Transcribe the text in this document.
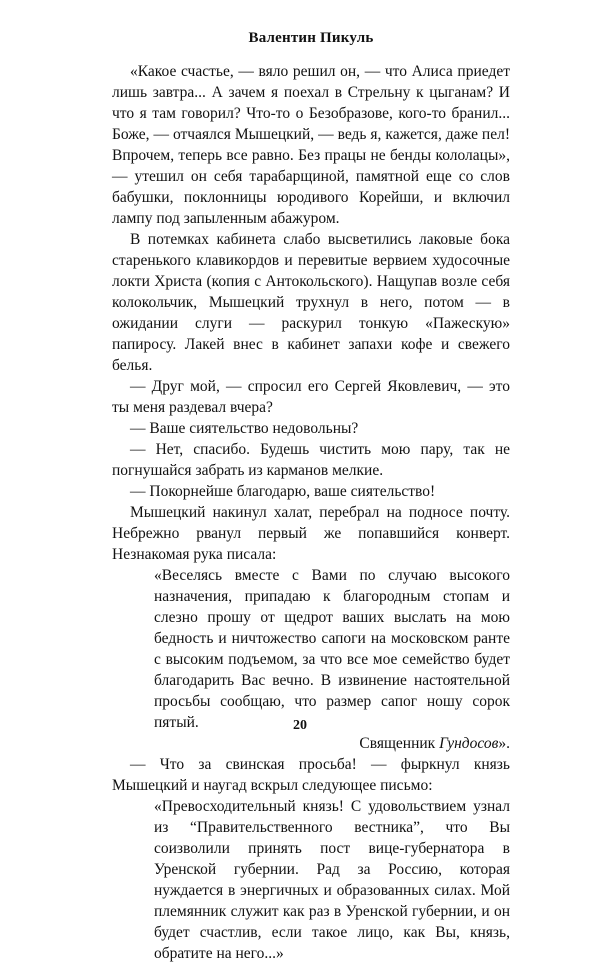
Валентин Пикуль

«Какое счастье, — вяло решил он, — что Алиса приедет лишь завтра... А зачем я поехал в Стрельну к цыганам? И что я там говорил? Что-то о Безобразове, кого-то бранил... Боже, — отчаялся Мышецкий, — ведь я, кажется, даже пел! Впрочем, теперь все равно. Без працы не бенды кололацы», — утешил он себя тарабарщиной, памятной еще со слов бабушки, поклонницы юродивого Корейши, и включил лампу под запыленным абажуром.

В потемках кабинета слабо высветились лаковые бока старенького клавикордов и перевитые вервием худосочные локти Христа (копия с Антокольского). Нащупав возле себя колокольчик, Мышецкий трухнул в него, потом — в ожидании слуги — раскурил тонкую «Пажескую» папиросу. Лакей внес в кабинет запахи кофе и свежего белья.

— Друг мой, — спросил его Сергей Яковлевич, — это ты меня раздевал вчера?

— Ваше сиятельство недовольны?

— Нет, спасибо. Будешь чистить мою пару, так не погнушайся забрать из карманов мелкие.

— Покорнейше благодарю, ваше сиятельство!

Мышецкий накинул халат, перебрал на подносе почту. Небрежно рванул первый же попавшийся конверт. Незнакомая рука писала:

«Веселясь вместе с Вами по случаю высокого назначения, припадаю к благородным стопам и слезно прошу от щедрот ваших выслать на мою бедность и ничтожество сапоги на московском ранте с высоким подъемом, за что все мое семейство будет благодарить Вас вечно. В извинение настоятельной просьбы сообщаю, что размер сапог ношу сорок пятый.

Священник Гундосов».

— Что за свинская просьба! — фыркнул князь Мышецкий и наугад вскрыл следующее письмо:

«Превосходительный князь! С удовольствием узнал из “Правительственного вестника”, что Вы соизволили принять пост вице-губернатора в Уренской губернии. Рад за Россию, которая нуждается в энергичных и образованных силах. Мой племянник служит как раз в Уренской губернии, и он будет счастлив, если такое лицо, как Вы, князь, обратите на него...»

20
